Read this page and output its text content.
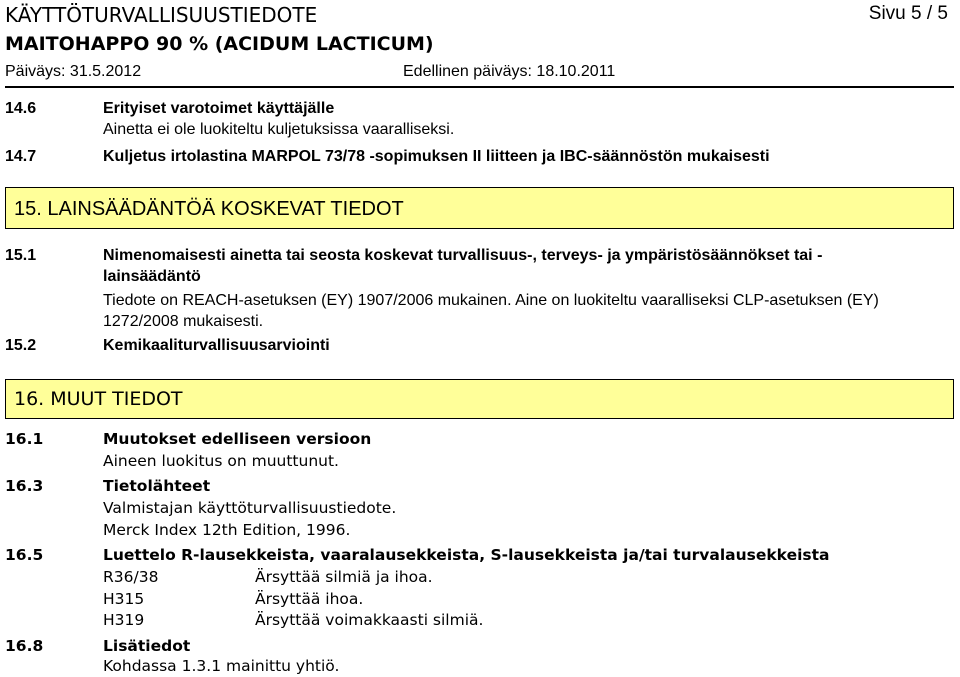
KÄYTTÖTURVALLISUUSTIEDOTE	Sivu 5 / 5
MAITOHAPPO 90 % (ACIDUM LACTICUM)
Päiväys: 31.5.2012	Edellinen päiväys: 18.10.2011
14.6	Erityiset varotoimet käyttäjälle
Ainetta ei ole luokiteltu kuljetuksissa vaaralliseksi.
14.7	Kuljetus irtolastina MARPOL 73/78 -sopimuksen II liitteen ja IBC-säännöstön mukaisesti
15. LAINSÄÄDÄNTÖÄ KOSKEVAT TIEDOT
15.1	Nimenomaisesti ainetta tai seosta koskevat turvallisuus-, terveys- ja ympäristösäännökset tai -
lainsäädäntö
Tiedote on REACH-asetuksen (EY) 1907/2006 mukainen. Aine on luokiteltu vaaralliseksi CLP-asetuksen (EY)
1272/2008 mukaisesti.
15.2	Kemikaaliturvallisuusarviointi
16. MUUT TIEDOT
16.1	Muutokset edelliseen versioon
Aineen luokitus on muuttunut.
16.3	Tietolähteet
Valmistajan käyttöturvallisuustiedote.
Merck Index 12th Edition, 1996.
16.5	Luettelo R-lausekkeista, vaaralausekkeista, S-lausekkeista ja/tai turvalausekkeista
R36/38	Ärsyttää silmiä ja ihoa.
H315	Ärsyttää ihoa.
H319	Ärsyttää voimakkaasti silmiä.
16.8	Lisätiedot
Kohdassa 1.3.1 mainittu yhtiö.
